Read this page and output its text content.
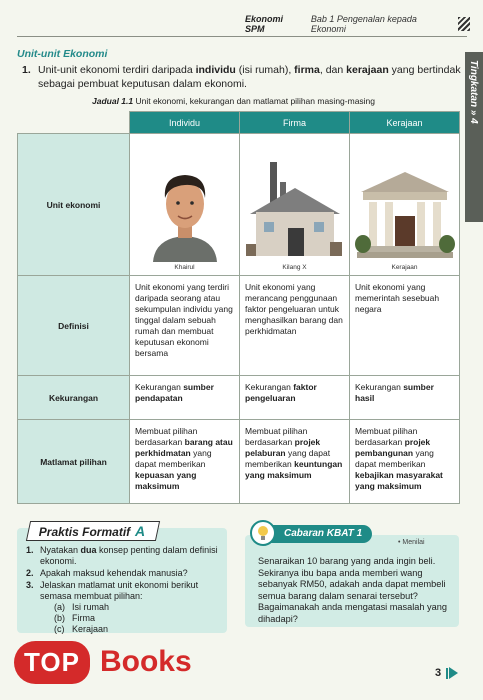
Ekonomi SPM
Bab 1 Pengenalan kepada Ekonomi
Tingkatan » 4
Unit-unit Ekonomi
1. Unit-unit ekonomi terdiri daripada individu (isi rumah), firma, dan kerajaan yang bertindak sebagai pembuat keputusan dalam ekonomi.
Jadual 1.1 Unit ekonomi, kekurangan dan matlamat pilihan masing-masing
	Individu	Firma	Kerajaan
Unit ekonomi	Khairul	Kilang X	Kerajaan

Definisi	Unit ekonomi yang terdiri daripada seorang atau sekumpulan individu yang tinggal dalam sebuah rumah dan membuat keputusan ekonomi bersama	Unit ekonomi yang merancang penggunaan faktor pengeluaran untuk menghasilkan barang dan perkhidmatan	Unit ekonomi yang memerintah sesebuah negara
Kekurangan	Kekurangan sumber pendapatan	Kekurangan faktor pengeluaran	Kekurangan sumber hasil
Matlamat pilihan	Membuat pilihan berdasarkan barang atau perkhidmatan yang dapat memberikan kepuasan yang maksimum	Membuat pilihan berdasarkan projek pelaburan yang dapat memberikan keuntungan yang maksimum	Membuat pilihan berdasarkan projek pembangunan yang dapat memberikan kebajikan masyarakat yang maksimum
Praktis Formatif A
1. Nyatakan dua konsep penting dalam definisi ekonomi.
2. Apakah maksud kehendak manusia?
3. Jelaskan matlamat unit ekonomi berikut semasa membuat pilihan:
(a) Isi rumah
(b) Firma
(c) Kerajaan
Cabaran KBAT 1
• Menilai
Senaraikan 10 barang yang anda ingin beli. Sekiranya ibu bapa anda memberi wang sebanyak RM50, adakah anda dapat membeli semua barang dalam senarai tersebut? Bagaimanakah anda mengatasi masalah yang dihadapi?
TOP Books	3
